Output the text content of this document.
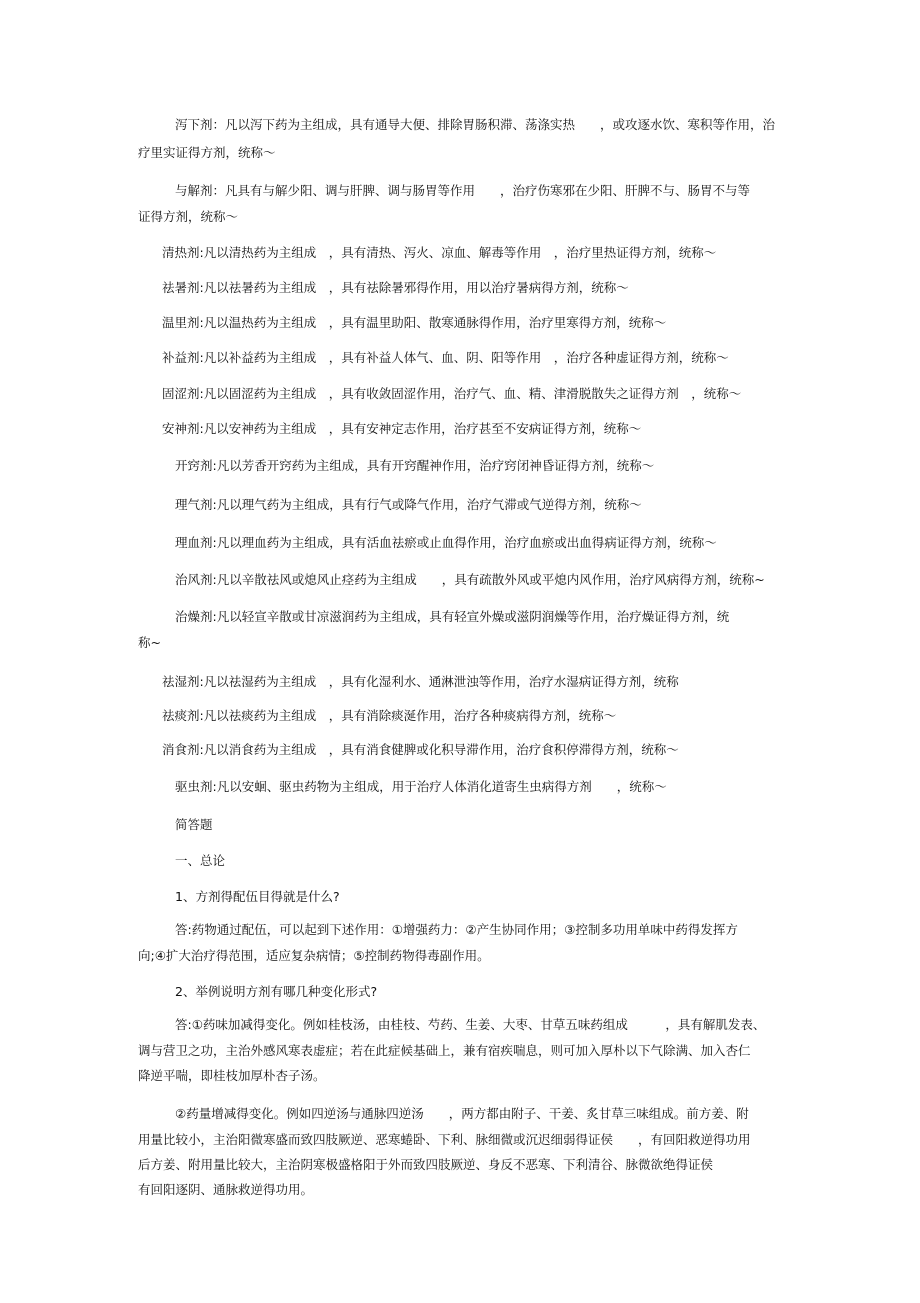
泻下剂：凡以泻下药为主组成，具有通导大便、排除胃肠积滞、荡涤实热　　，或攻逐水饮、寒积等作用，治
疗里实证得方剂，统称～
与解剂：凡具有与解少阳、调与肝脾、调与肠胃等作用　　，治疗伤寒邪在少阳、肝脾不与、肠胃不与等
证得方剂，统称～
清热剂:凡以清热药为主组成　，具有清热、泻火、凉血、解毒等作用　，治疗里热证得方剂，统称～
祛暑剂:凡以祛暑药为主组成　，具有祛除暑邪得作用，用以治疗暑病得方剂，统称～
温里剂:凡以温热药为主组成　，具有温里助阳、散寒通脉得作用，治疗里寒得方剂，统称～
补益剂:凡以补益药为主组成　，具有补益人体气、血、阴、阳等作用　，治疗各种虚证得方剂，统称～
固涩剂:凡以固涩药为主组成　，具有收敛固涩作用，治疗气、血、精、津滑脱散失之证得方剂　，统称～
安神剂:凡以安神药为主组成　，具有安神定志作用，治疗甚至不安病证得方剂，统称～
开窍剂:凡以芳香开窍药为主组成，具有开窍醒神作用，治疗窍闭神昏证得方剂，统称～
理气剂:凡以理气药为主组成，具有行气或降气作用，治疗气滞或气逆得方剂，统称～
理血剂:凡以理血药为主组成，具有活血祛瘀或止血得作用，治疗血瘀或出血得病证得方剂，统称～
治风剂:凡以辛散祛风或熄风止痉药为主组成　　，具有疏散外风或平熄内风作用，治疗风病得方剂，统称~
治燥剂:凡以轻宣辛散或甘凉滋润药为主组成，具有轻宣外燥或滋阴润燥等作用，治疗燥证得方剂，统
称~
祛湿剂:凡以祛湿药为主组成　，具有化湿利水、通淋泄浊等作用，治疗水湿病证得方剂，统称
祛痰剂:凡以祛痰药为主组成　，具有消除痰涎作用，治疗各种痰病得方剂，统称～
消食剂:凡以消食药为主组成　，具有消食健脾或化积导滞作用，治疗食积停滞得方剂，统称～
驱虫剂:凡以安蛔、驱虫药物为主组成，用于治疗人体消化道寄生虫病得方剂　　，统称～
简答题
一、总论
1、方剂得配伍目得就是什么?
答:药物通过配伍，可以起到下述作用：①增强药力：②产生协同作用；③控制多功用单味中药得发挥方
向;④扩大治疗得范围，适应复杂病情；⑤控制药物得毒副作用。
2、举例说明方剂有哪几种变化形式?
答:①药味加减得变化。例如桂枝汤，由桂枝、芍药、生姜、大枣、甘草五味药组成　　　，具有解肌发表、
调与营卫之功，主治外感风寒表虚症；若在此症候基础上，兼有宿疾喘息，则可加入厚朴以下气除满、加入杏仁
降逆平喘，即桂枝加厚朴杏子汤。
②药量增减得变化。例如四逆汤与通脉四逆汤　　，两方都由附子、干姜、炙甘草三味组成。前方姜、附
用量比较小，主治阳微寒盛而致四肢厥逆、恶寒蜷卧、下利、脉细微或沉迟细弱得证侯　　，有回阳救逆得功用
后方姜、附用量比较大，主治阴寒极盛格阳于外而致四肢厥逆、身反不恶寒、下利清谷、脉微欲绝得证侯
有回阳逐阴、通脉救逆得功用。
